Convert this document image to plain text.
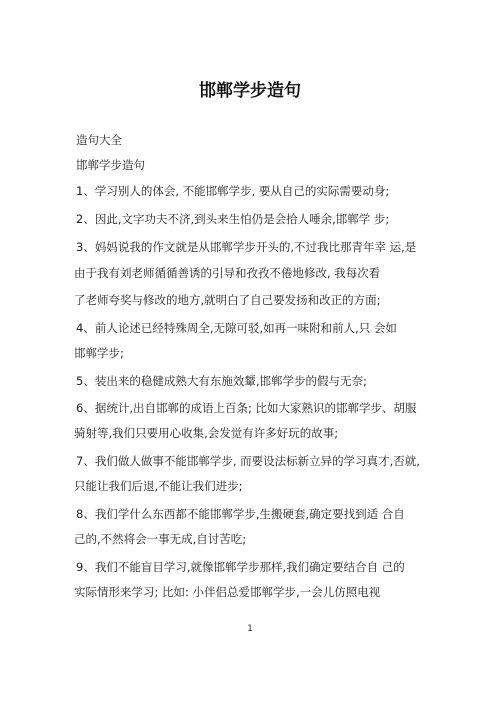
邯郸学步造句
造句大全
邯郸学步造句
1、学习别人的体会, 不能邯郸学步, 要从自己的实际需要动身;
2、因此,文字功夫不济,到头来生怕仍是会拾人唾余,邯郸学 步;
3、妈妈说我的作文就是从邯郸学步开头的,不过我比那青年幸 运,是
由于我有刘老师循循善诱的引导和孜孜不倦地修改, 我每次看
了老师夸奖与修改的地方,就明白了自己要发扬和改正的方面;
4、前人论述已经特殊周全,无隙可驳,如再一味附和前人,只 会如
邯郸学步;
5、装出来的稳健成熟大有东施效颦,邯郸学步的假与无奈;
6、据统计,出自邯郸的成语上百条; 比如大家熟识的邯郸学步、胡服
骑射等,我们只要用心收集,会发觉有许多好玩的故事;
7、我们做人做事不能邯郸学步, 而要设法标新立异的学习真才,否就,
只能让我们后退,不能让我们进步;
8、我们学什么东西都不能邯郸学步,生搬硬套,确定要找到适 合自
己的,不然将会一事无成,自讨苦吃;
9、我们不能盲目学习,就像邯郸学步那样,我们确定要结合自 己的
实际情形来学习; 比如: 小伴侣总爱邯郸学步,一会儿仿照电视
1
